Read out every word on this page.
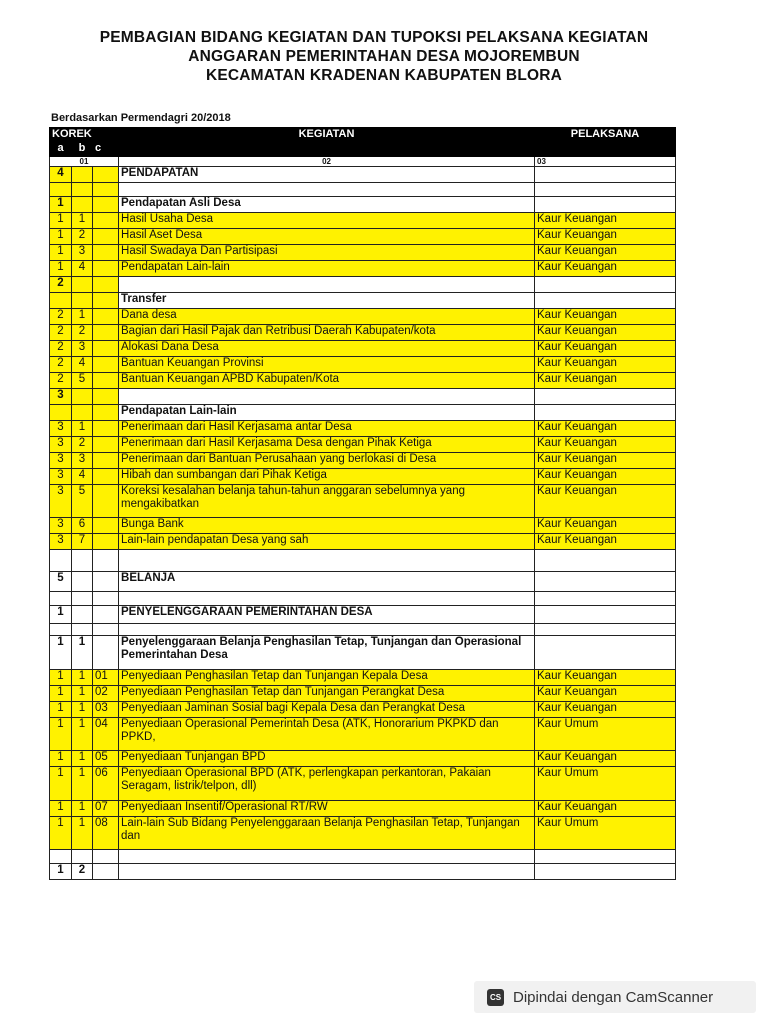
PEMBAGIAN BIDANG KEGIATAN DAN TUPOKSI PELAKSANA KEGIATAN
ANGGARAN PEMERINTAHAN DESA MOJOREMBUN
KECAMATAN KRADENAN KABUPATEN BLORA
Berdasarkan Permendagri 20/2018
KOREK			KEGIATAN	PELAKSANA
a	b	c		
01			02	03
4			PENDAPATAN	

1			Pendapatan Asli Desa	
1	1		Hasil Usaha Desa	Kaur Keuangan
1	2		Hasil Aset Desa	Kaur Keuangan
1	3		Hasil Swadaya Dan Partisipasi	Kaur Keuangan
1	4		Pendapatan Lain-lain	Kaur Keuangan
2				
			Transfer	
2	1		Dana desa	Kaur Keuangan
2	2		Bagian dari Hasil Pajak dan Retribusi Daerah Kabupaten/kota	Kaur Keuangan
2	3		Alokasi Dana Desa	Kaur Keuangan
2	4		Bantuan Keuangan Provinsi	Kaur Keuangan
2	5		Bantuan Keuangan APBD Kabupaten/Kota	Kaur Keuangan
3				
			Pendapatan Lain-lain	
3	1		Penerimaan dari Hasil Kerjasama antar Desa	Kaur Keuangan
3	2		Penerimaan dari Hasil Kerjasama Desa dengan Pihak Ketiga	Kaur Keuangan
3	3		Penerimaan dari Bantuan Perusahaan yang berlokasi di Desa	Kaur Keuangan
3	4		Hibah dan sumbangan dari Pihak Ketiga	Kaur Keuangan
3	5		Koreksi kesalahan belanja tahun-tahun anggaran sebelumnya yang mengakibatkan	Kaur Keuangan
3	6		Bunga Bank	Kaur Keuangan
3	7		Lain-lain pendapatan Desa yang sah	Kaur Keuangan

5			BELANJA	

1			PENYELENGGARAAN PEMERINTAHAN DESA	

1	1		Penyelenggaraan Belanja Penghasilan Tetap, Tunjangan dan Operasional Pemerintahan Desa	
1	1	01	Penyediaan Penghasilan Tetap dan Tunjangan Kepala Desa	Kaur Keuangan
1	1	02	Penyediaan Penghasilan Tetap dan Tunjangan Perangkat Desa	Kaur Keuangan
1	1	03	Penyediaan Jaminan Sosial bagi Kepala Desa dan Perangkat Desa	Kaur Keuangan
1	1	04	Penyediaan Operasional Pemerintah Desa (ATK, Honorarium PKPKD dan PPKD,	Kaur Umum
1	1	05	Penyediaan Tunjangan BPD	Kaur Keuangan
1	1	06	Penyediaan Operasional BPD (ATK, perlengkapan perkantoran, Pakaian Seragam, listrik/telpon, dll)	Kaur Umum
1	1	07	Penyediaan Insentif/Operasional RT/RW	Kaur Keuangan
1	1	08	Lain-lain Sub Bidang Penyelenggaraan Belanja Penghasilan Tetap, Tunjangan dan	Kaur Umum

1	2			
CS Dipindai dengan CamScanner
